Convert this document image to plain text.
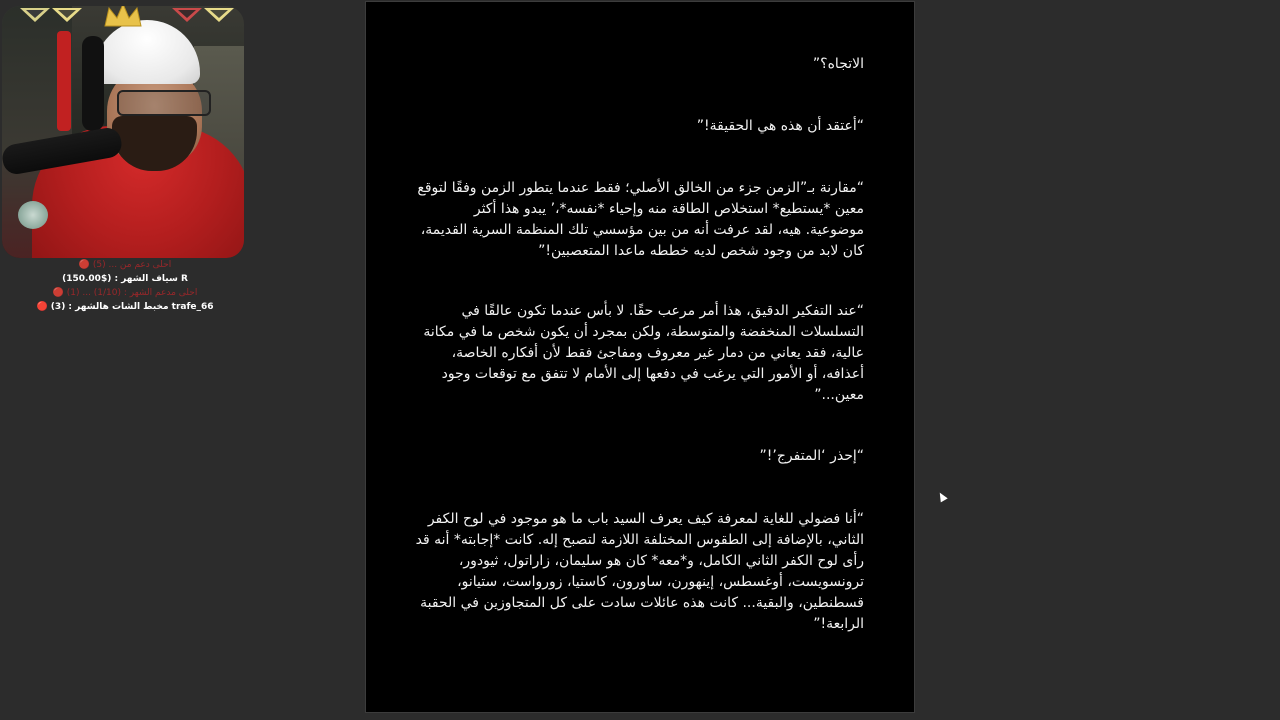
🔴 احلى دعم من ... (5)
سياف الشهر : ($150.00) R
🔴 احلى مدعم الشهر : (1/10) ... (1)
🔴 مخبط الشات هالشهر : (3) trafe_66
الاتجاه؟”
“أعتقد أن هذه هي الحقيقة!”
“مقارنة بـ”الزمن جزء من الخالق الأصلي؛ فقط عندما يتطور الزمن وفقًا لتوقع معين *يستطيع* استخلاص الطاقة منه وإحياء *نفسه*،’ يبدو هذا أكثر موضوعية. هيه، لقد عرفت أنه من بين مؤسسي تلك المنظمة السرية القديمة، كان لابد من وجود شخص لديه خططه ماعدا المتعصبين!”
“عند التفكير الدقيق، هذا أمر مرعب حقًا. لا بأس عندما تكون عالقًا في التسلسلات المنخفضة والمتوسطة، ولكن بمجرد أن يكون شخص ما في مكانة عالية، فقد يعاني من دمار غير معروف ومفاجئ فقط لأن أفكاره الخاصة، أعذافه، أو الأمور التي يرغب في دفعها إلى الأمام لا تتفق مع توقعات وجود معين...”
“إحذر ‘المتفرج’!”
“أنا فضولي للغاية لمعرفة كيف يعرف السيد باب ما هو موجود في لوح الكفر الثاني، بالإضافة إلى الطقوس المختلفة اللازمة لتصبح إله. كانت *إجابته* أنه قد رأى لوح الكفر الثاني الكامل، و*معه* كان هو سليمان، زاراتول، ثيودور، ترونسويست، أوغسطس، إينهورن، ساورون، كاستيا، زورواست، ستيانو، قسطنطين، والبقية... كانت هذه عائلات سادت على كل المتجاوزين في الحقبة الرابعة!”
